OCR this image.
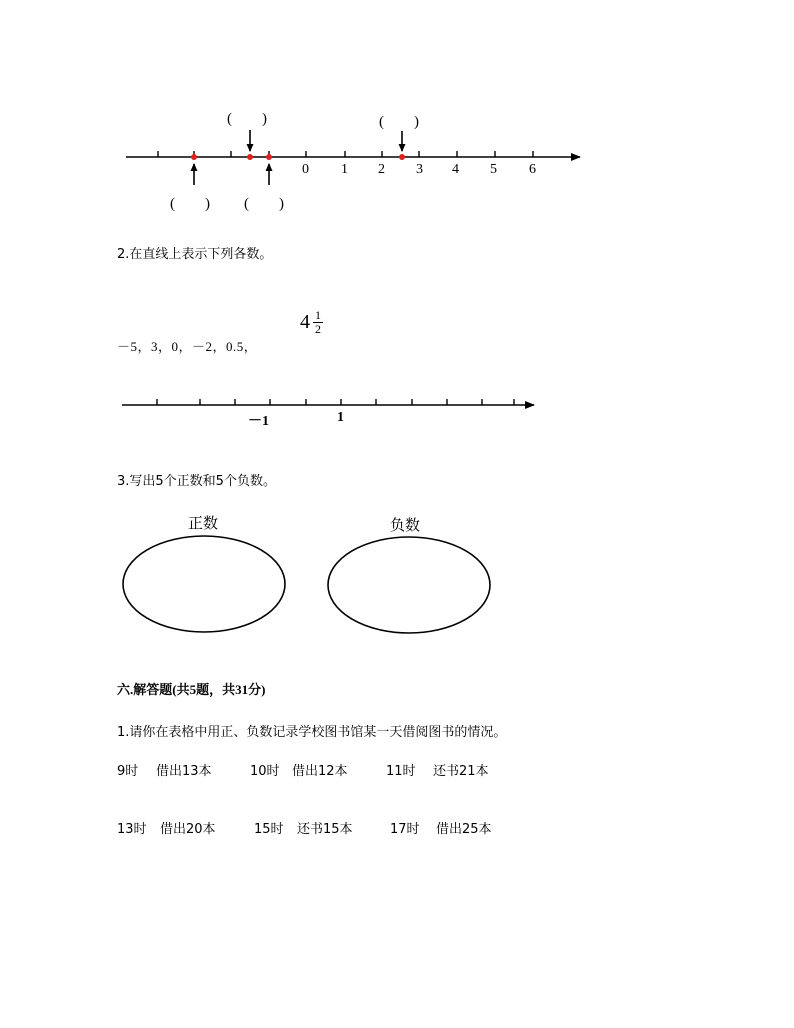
(　　)	(　　)
(　　) (　　)
0 1 2 3 4 5 6
2.在直线上表示下列各数。
－5，3，0，－2，0.5，
$4 \frac{1}{2}$
－1	1
3.写出5个正数和5个负数。
正数	负数
六.解答题(共5题，共31分)
1.请你在表格中用正、负数记录学校图书馆某一天借阅图书的情况。
9时 借出13本	10时 借出12本	11时 还书21本
13时 借出20本	15时 还书15本	17时 借出25本
